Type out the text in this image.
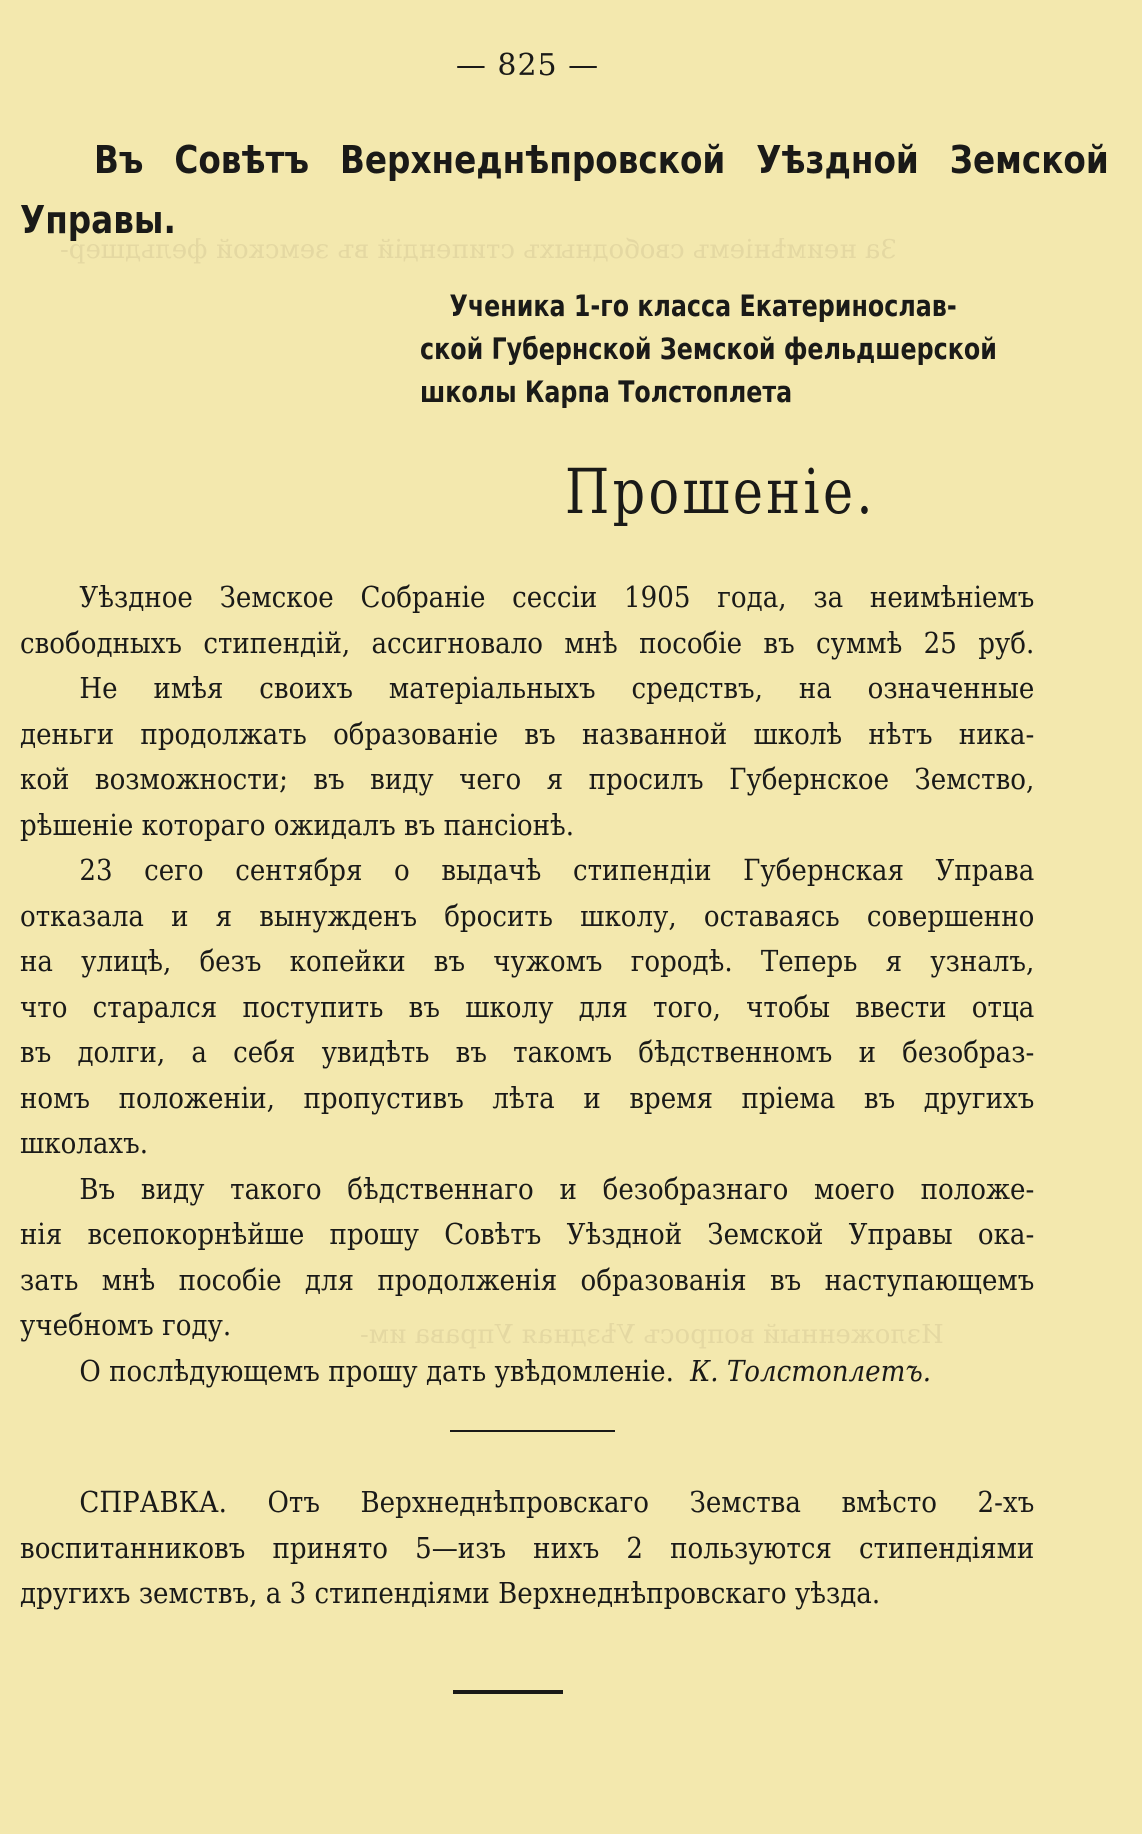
За неимѣніемъ свободныхъ стипендій въ земской фельдшер-
Изложенный вопросъ Уѣздная Управа им-
— 825 —
Въ Совѣтъ Верхнеднѣпровской Уѣздной Земской
Управы.
Ученика 1-го класса Екатеринослав-
ской Губернской Земской фельдшерской
школы Карпа Толстоплета
Прошеніе.
Уѣздное Земское Собраніе сессіи 1905 года, за неимѣніемъ
свободныхъ стипендій, ассигновало мнѣ пособіе въ суммѣ 25 руб.
Не имѣя своихъ матеріальныхъ средствъ, на означенные
деньги продолжать образованіе въ названной школѣ нѣтъ ника-
кой возможности; въ виду чего я просилъ Губернское Земство,
рѣшеніе котораго ожидалъ въ пансіонѣ.
23 сего сентября о выдачѣ стипендіи Губернская Управа
отказала и я вынужденъ бросить школу, оставаясь совершенно
на улицѣ, безъ копейки въ чужомъ городѣ. Теперь я узналъ,
что старался поступить въ школу для того, чтобы ввести отца
въ долги, а себя увидѣть въ такомъ бѣдственномъ и безобраз-
номъ положеніи, пропустивъ лѣта и время пріема въ другихъ
школахъ.
Въ виду такого бѣдственнаго и безобразнаго моего положе-
нія всепокорнѣйше прошу Совѣтъ Уѣздной Земской Управы ока-
зать мнѣ пособіе для продолженія образованія въ наступающемъ
учебномъ году.
О послѣдующемъ прошу дать увѣдомленіе. К. Толстоплетъ.
СПРАВКА. Отъ Верхнеднѣпровскаго Земства вмѣсто 2-хъ
воспитанниковъ принято 5—изъ нихъ 2 пользуются стипендіями
другихъ земствъ, а 3 стипендіями Верхнеднѣпровскаго уѣзда.
